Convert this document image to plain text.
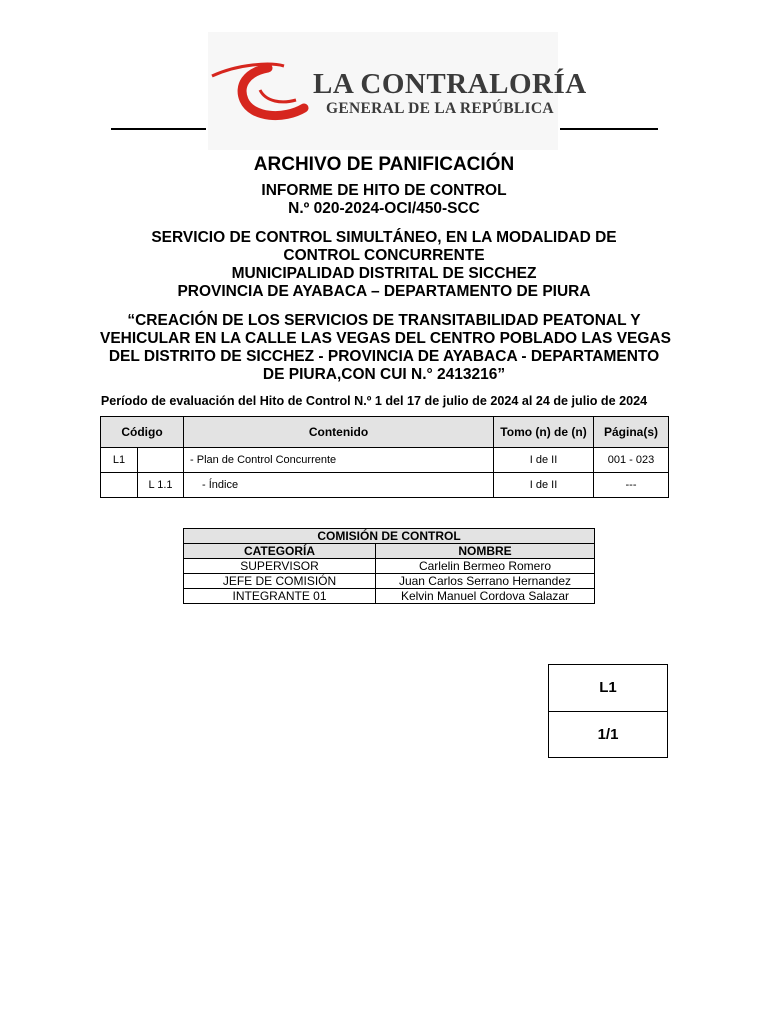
LA CONTRALORÍA
GENERAL DE LA REPÚBLICA
ARCHIVO DE PANIFICACIÓN
INFORME DE HITO DE CONTROL
N.º 020-2024-OCI/450-SCC
SERVICIO DE CONTROL SIMULTÁNEO, EN LA MODALIDAD DE
CONTROL CONCURRENTE
MUNICIPALIDAD DISTRITAL DE SICCHEZ
PROVINCIA DE AYABACA – DEPARTAMENTO DE PIURA
“CREACIÓN DE LOS SERVICIOS DE TRANSITABILIDAD PEATONAL Y
VEHICULAR EN LA CALLE LAS VEGAS DEL CENTRO POBLADO LAS VEGAS
DEL DISTRITO DE SICCHEZ - PROVINCIA DE AYABACA - DEPARTAMENTO
DE PIURA,CON CUI N.° 2413216”
Período de evaluación del Hito de Control N.º 1 del 17 de julio de 2024 al 24 de julio de 2024
Código		Contenido	Tomo (n) de (n)	Página(s)
L1		- Plan de Control Concurrente	I de II	001 - 023
	L 1.1	- Índice	I de II	---
COMISIÓN DE CONTROL	
CATEGORÍA	NOMBRE
SUPERVISOR	Carlelin Bermeo Romero
JEFE DE COMISIÓN	Juan Carlos Serrano Hernandez
INTEGRANTE 01	Kelvin Manuel Cordova Salazar
L1
1/1
